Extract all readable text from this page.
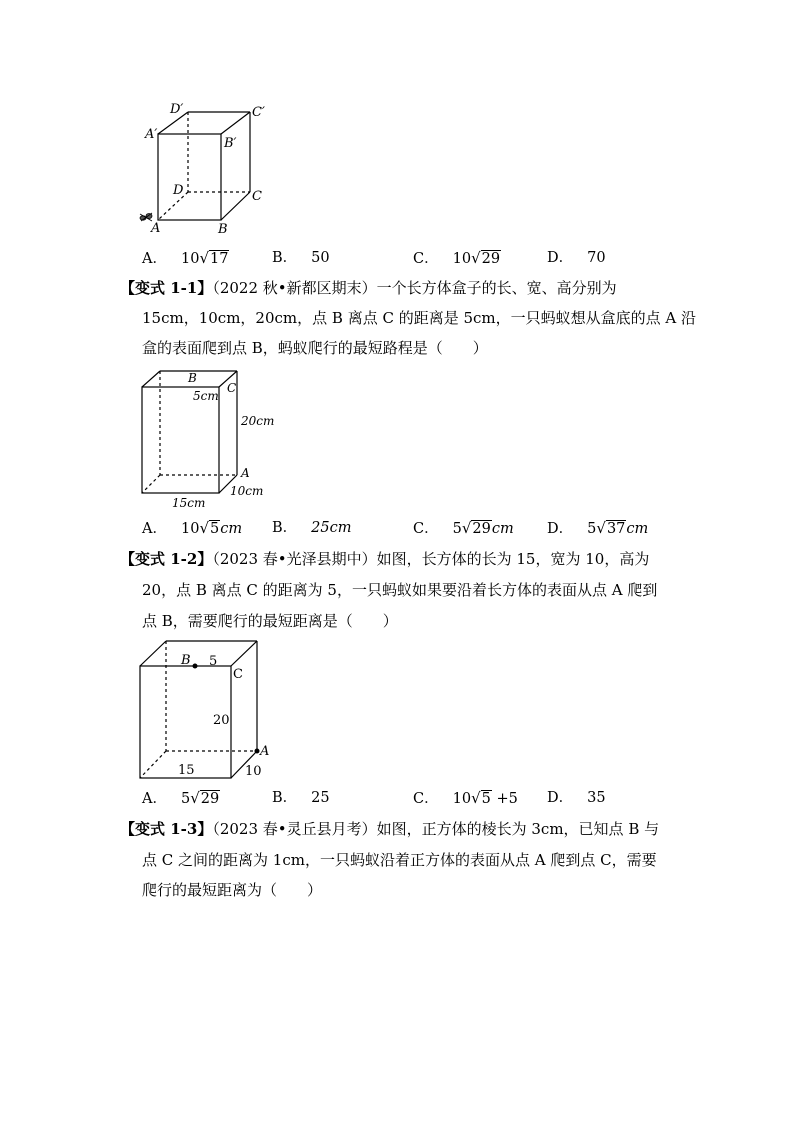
D′	C′
A′
B′
D	C
A	B
A． 10√17	B． 50	C． 10√29	D． 70
【变式 1-1】（2022 秋•新都区期末）一个长方体盒子的长、宽、高分别为
15cm，10cm，20cm，点 B 离点 C 的距离是 5cm，一只蚂蚁想从盒底的点 A 沿
盒的表面爬到点 B，蚂蚁爬行的最短路程是（　　）
B
5cm
C
20cm
A
15cm
10cm
A． 10√5cm B． 25cm	C． 5√29cm D． 5√37cm
【变式 1-2】（2023 春•光泽县期中）如图，长方体的长为 15，宽为 10，高为
20，点 B 离点 C 的距离为 5，一只蚂蚁如果要沿着长方体的表面从点 A 爬到
点 B，需要爬行的最短距离是（　　）
B 5
C
20
A
15	10
A． 5√29	B． 25	C． 10√5 +5 D． 35
【变式 1-3】（2023 春•灵丘县月考）如图，正方体的棱长为 3cm，已知点 B 与
点 C 之间的距离为 1cm，一只蚂蚁沿着正方体的表面从点 A 爬到点 C，需要
爬行的最短距离为（　　）
